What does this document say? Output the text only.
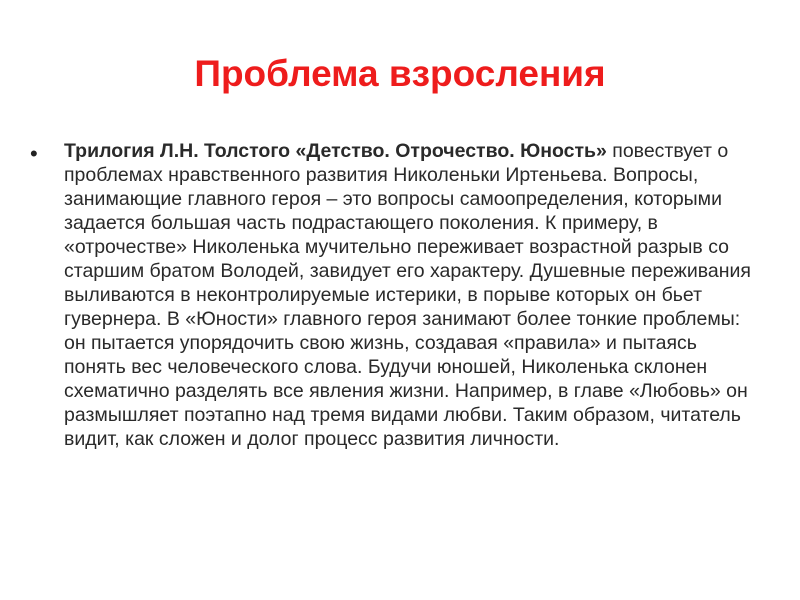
Проблема взросления
• Трилогия Л.Н. Толстого «Детство. Отрочество. Юность» повествует о проблемах нравственного развития Николеньки Иртеньева. Вопросы, занимающие главного героя – это вопросы самоопределения, которыми задается большая часть подрастающего поколения. К примеру, в «отрочестве» Николенька мучительно переживает возрастной разрыв со старшим братом Володей, завидует его характеру. Душевные переживания выливаются в неконтролируемые истерики, в порыве которых он бьет гувернера. В «Юности» главного героя занимают более тонкие проблемы: он пытается упорядочить свою жизнь, создавая «правила» и пытаясь понять вес человеческого слова. Будучи юношей, Николенька склонен схематично разделять все явления жизни. Например, в главе «Любовь» он размышляет поэтапно над тремя видами любви. Таким образом, читатель видит, как сложен и долог процесс развития личности.
